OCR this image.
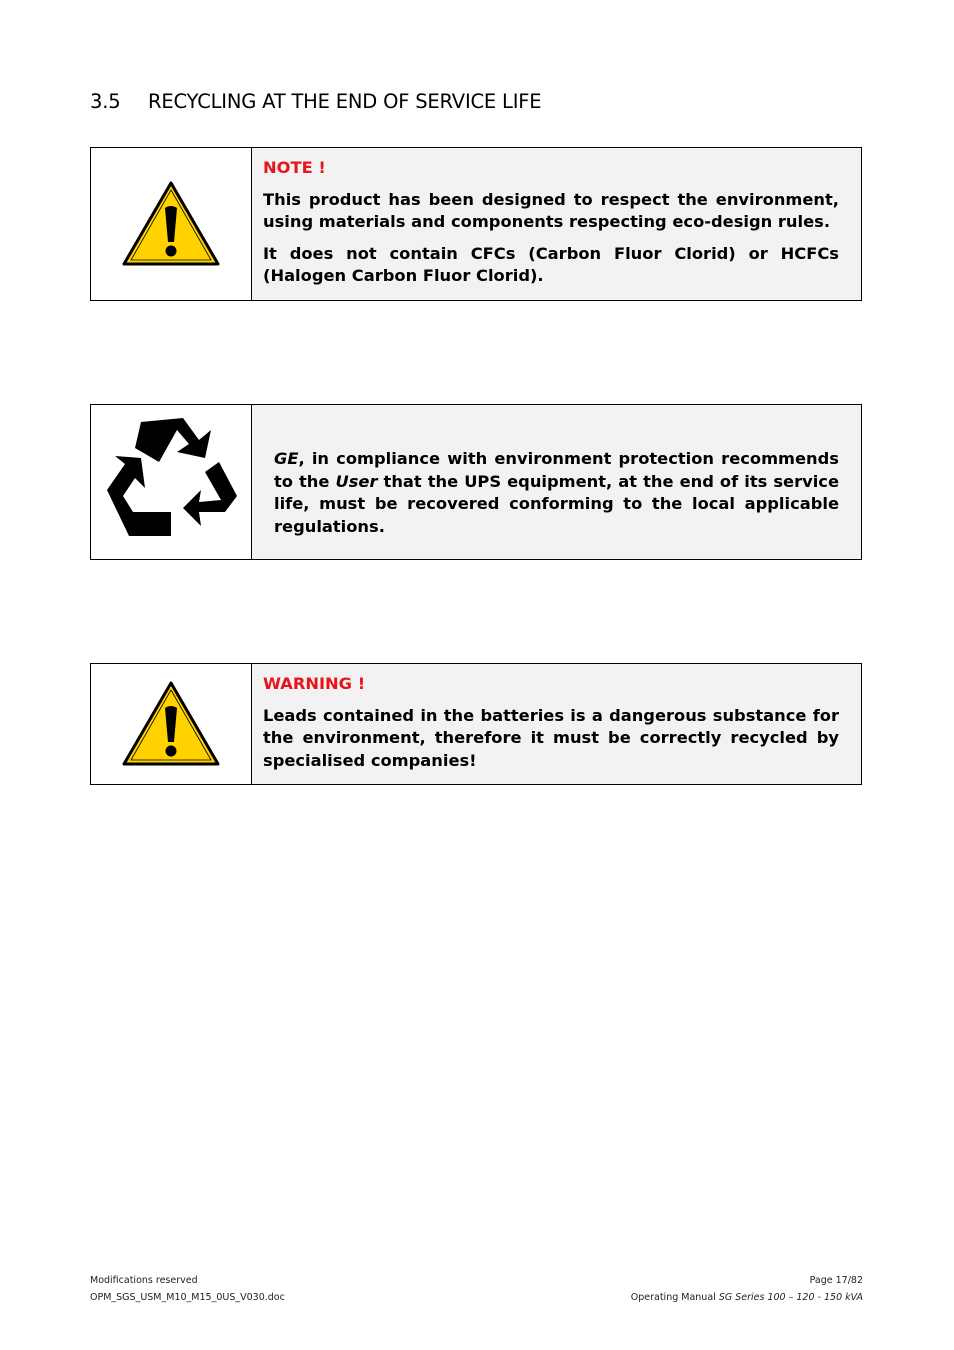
3.5 RECYCLING AT THE END OF SERVICE LIFE
NOTE !

This product has been designed to respect the environment, using materials and components respecting eco-design rules.

It does not contain CFCs (Carbon Fluor Clorid) or HCFCs (Halogen Carbon Fluor Clorid).

GE, in compliance with environment protection recommends to the User that the UPS equipment, at the end of its service life, must be recovered conforming to the local applicable regulations.

WARNING !

Leads contained in the batteries is a dangerous substance for the environment, therefore it must be correctly recycled by specialised companies!

Modifications reserved
OPM_SGS_USM_M10_M15_0US_V030.doc
Page 17/82
Operating Manual SG Series 100 – 120 - 150 kVA
